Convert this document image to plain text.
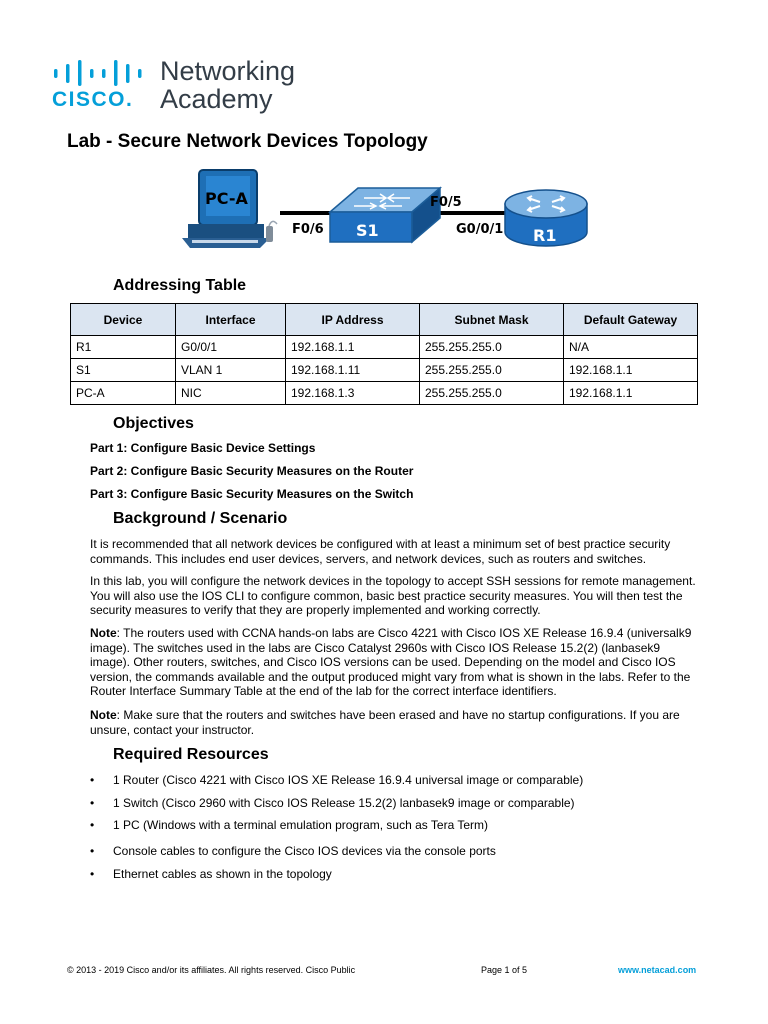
CISCO.
Networking
Academy
Lab - Secure Network Devices Topology
PC-A
S1	R1
F0/6
F0/5
G0/0/1
Addressing Table
Device	Interface	IP Address	Subnet Mask	Default Gateway
R1	G0/0/1	192.168.1.1	255.255.255.0	N/A
S1	VLAN 1	192.168.1.11	255.255.255.0	192.168.1.1
PC-A	NIC	192.168.1.3	255.255.255.0	192.168.1.1
Objectives
Part 1: Configure Basic Device Settings
Part 2: Configure Basic Security Measures on the Router
Part 3: Configure Basic Security Measures on the Switch
Background / Scenario

It is recommended that all network devices be configured with at least a minimum set of best practice security commands. This includes end user devices, servers, and network devices, such as routers and switches.

In this lab, you will configure the network devices in the topology to accept SSH sessions for remote management. You will also use the IOS CLI to configure common, basic best practice security measures. You will then test the security measures to verify that they are properly implemented and working correctly.

Note: The routers used with CCNA hands-on labs are Cisco 4221 with Cisco IOS XE Release 16.9.4 (universalk9 image). The switches used in the labs are Cisco Catalyst 2960s with Cisco IOS Release 15.2(2) (lanbasek9 image). Other routers, switches, and Cisco IOS versions can be used. Depending on the model and Cisco IOS version, the commands available and the output produced might vary from what is shown in the labs. Refer to the Router Interface Summary Table at the end of the lab for the correct interface identifiers.

Note: Make sure that the routers and switches have been erased and have no startup configurations. If you are unsure, contact your instructor.

Required Resources
• 1 Router (Cisco 4221 with Cisco IOS XE Release 16.9.4 universal image or comparable)
• 1 Switch (Cisco 2960 with Cisco IOS Release 15.2(2) lanbasek9 image or comparable)
• 1 PC (Windows with a terminal emulation program, such as Tera Term)
• Console cables to configure the Cisco IOS devices via the console ports
• Ethernet cables as shown in the topology
© 2013 - 2019 Cisco and/or its affiliates. All rights reserved. Cisco Public	Page 1 of 5	www.netacad.com
